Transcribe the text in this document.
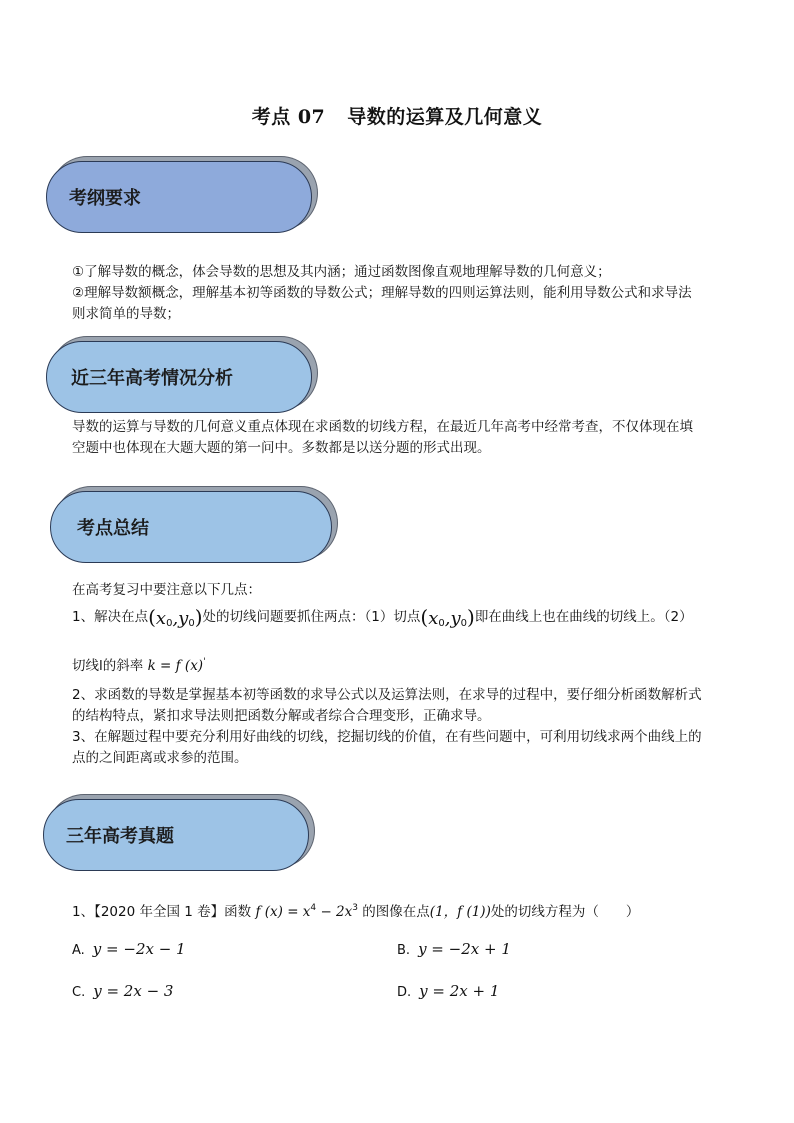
考点 07 导数的运算及几何意义
考纲要求
①了解导数的概念，体会导数的思想及其内涵；通过函数图像直观地理解导数的几何意义；
②理解导数额概念，理解基本初等函数的导数公式；理解导数的四则运算法则，能利用导数公式和求导法
则求简单的导数；
近三年高考情况分析
导数的运算与导数的几何意义重点体现在求函数的切线方程，在最近几年高考中经常考查，不仅体现在填
空题中也体现在大题大题的第一问中。多数都是以送分题的形式出现。
考点总结
在高考复习中要注意以下几点：
1、解决在点$(x_0,y_0)$处的切线问题要抓住两点：（1）切点$(x_0,y_0)$即在曲线上也在曲线的切线上。（2）
切线l的斜率 k = f (x)'
2、求函数的导数是掌握基本初等函数的求导公式以及运算法则，在求导的过程中，要仔细分析函数解析式
的结构特点，紧扣求导法则把函数分解或者综合合理变形，正确求导。
3、在解题过程中要充分利用好曲线的切线，挖掘切线的价值，在有些问题中，可利用切线求两个曲线上的
点的之间距离或求参的范围。
三年高考真题
1、【2020 年全国 1 卷】函数 f $(x) = x^4 - 2x^3$ 的图像在点(1，f (1))处的切线方程为（　　）
A. y = −2x − 1	B. y = −2x + 1
C. y = 2x − 3	D. y = 2x + 1
